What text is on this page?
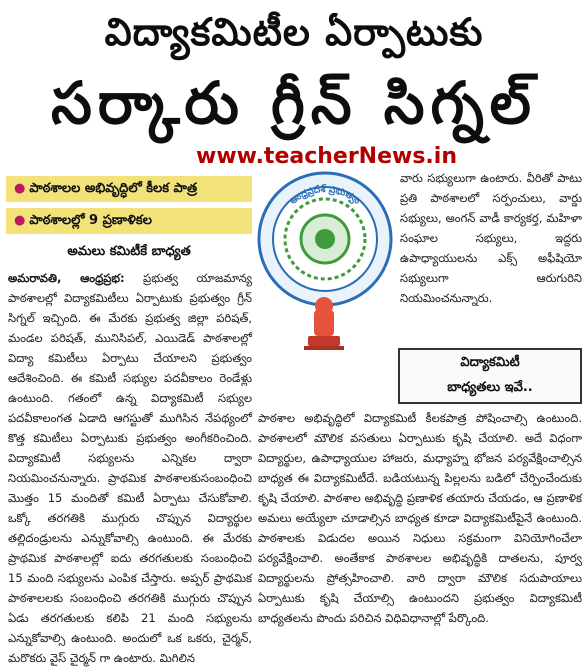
విద్యాకమిటీల ఏర్పాటుకు
సర్కారు గ్రీన్ సిగ్నల్
www.teacherNews.in
● పాఠశాలల అభివృద్ధిలో కీలక పాత్ర
● పాఠశాలల్లో 9 ప్రణాళికల
అమలు కమిటీకే బాధ్యత
ఆంధ్రప్రదేశ్ ప్రభుత్వం
అమరావతి, ఆంధ్రప్రభ: ప్రభుత్వ యాజమాన్య పాఠశాలల్లో విద్యాకమిటీలు ఏర్పాటుకు ప్రభుత్వం గ్రీన్ సిగ్నల్ ఇచ్చింది. ఈ మేరకు ప్రభుత్వ జిల్లా పరిషత్, మండల పరిషత్, మునిసిపల్, ఎయిడెడ్ పాఠశాలల్లో విద్యా కమిటీలు ఏర్పాటు చేయాలని ప్రభుత్వం ఆదేశించింది. ఈ కమిటీ సభ్యుల పదవీకాలం రెండేళ్లు ఉంటుంది. గతంలో ఉన్న విద్యాకమిటీ సభ్యుల పదవీకాలంగత ఏడాది ఆగస్టుతో ముగిసిన నేపథ్యంలో కొత్త కమిటీలు ఏర్పాటుకు ప్రభుత్వం అంగీకరించింది. విద్యాకమిటీ సభ్యులను ఎన్నికల ద్వారా నియమించనున్నారు. ప్రాథమిక పాఠశాలకుసంబంధించి మొత్తం 15 మందితో కమిటీ ఏర్పాటు చేసుకోవాలి. ఒక్కో తరగతికి ముగ్గురు చొప్పున విద్యార్థుల తల్లిదండ్రులను ఎన్నుకోవాల్సి ఉంటుంది. ఈ మేరకు ప్రాథమిక పాఠశాలల్లో ఐదు తరగతులకు సంబంధించి 15 మంది సభ్యులను ఎంపిక చేస్తారు. అప్పర్ ప్రాథమిక పాఠశాలలకు సంబంధించి తరగతికి ముగ్గురు చొప్పున ఏడు తరగతులకు కలిపి 21 మంది సభ్యులను ఎన్నుకోవాల్సి ఉంటుంది. అందులో ఒక ఒకరు, చైర్మన్, మరొకరు వైస్ చైర్మన్ గా ఉంటారు. మిగిలిన
వారు సభ్యులుగా ఉంటారు. వీరితో పాటు ప్రతి పాఠశాలలో సర్పంచులు, వార్డు సభ్యులు, అంగన్ వాడీ కార్యకర్త, మహిళా సంఘాల సభ్యులు, ఇద్దరు ఉపాధ్యాయులను ఎక్స్ అఫీషియో సభ్యులుగా ఆరుగురిని నియమించనున్నారు.
విద్యాకమిటీ
బాధ్యతలు ఇవే..
పాఠశాల అభివృద్ధిలో విద్యాకమిటీ కీలకపాత్ర పోషించాల్సి ఉంటుంది. పాఠశాలలో మౌలిక వసతులు ఏర్పాటుకు కృషి చేయాలి. అదే విధంగా విద్యార్థుల, ఉపాధ్యాయుల హాజరు, మధ్యాహ్న భోజన పర్యవేక్షించాల్సిన బాధ్యత ఈ విద్యాకమిటీదే. బడియటున్న పిల్లలను బడిలో చేర్పించేందుకు కృషి చేయాలి. పాఠశాల అభివృద్ధి ప్రణాళిక తయారు చేయడం, ఆ ప్రణాళిక అమలు అయ్యేలా చూడాల్సిన బాధ్యత కూడా విద్యాకమిటీపైనే ఉంటుంది. పాఠశాలకు విడుదల అయిన నిధులు సక్రమంగా వినియోగించేలా పర్యవేక్షించాలి. అంతేకాక పాఠశాలల అభివృద్ధికి దాతలను, పూర్వ విద్యార్థులను ప్రోత్సహించాలి. వారి ద్వారా మౌలిక సదుపాయాలు ఏర్పాటుకు కృషి చేయాల్సి ఉంటుందని ప్రభుత్వం విద్యాకమిటీ బాధ్యతలను పొందు పరిచిన విధివిధానాల్లో పేర్కొంది.
